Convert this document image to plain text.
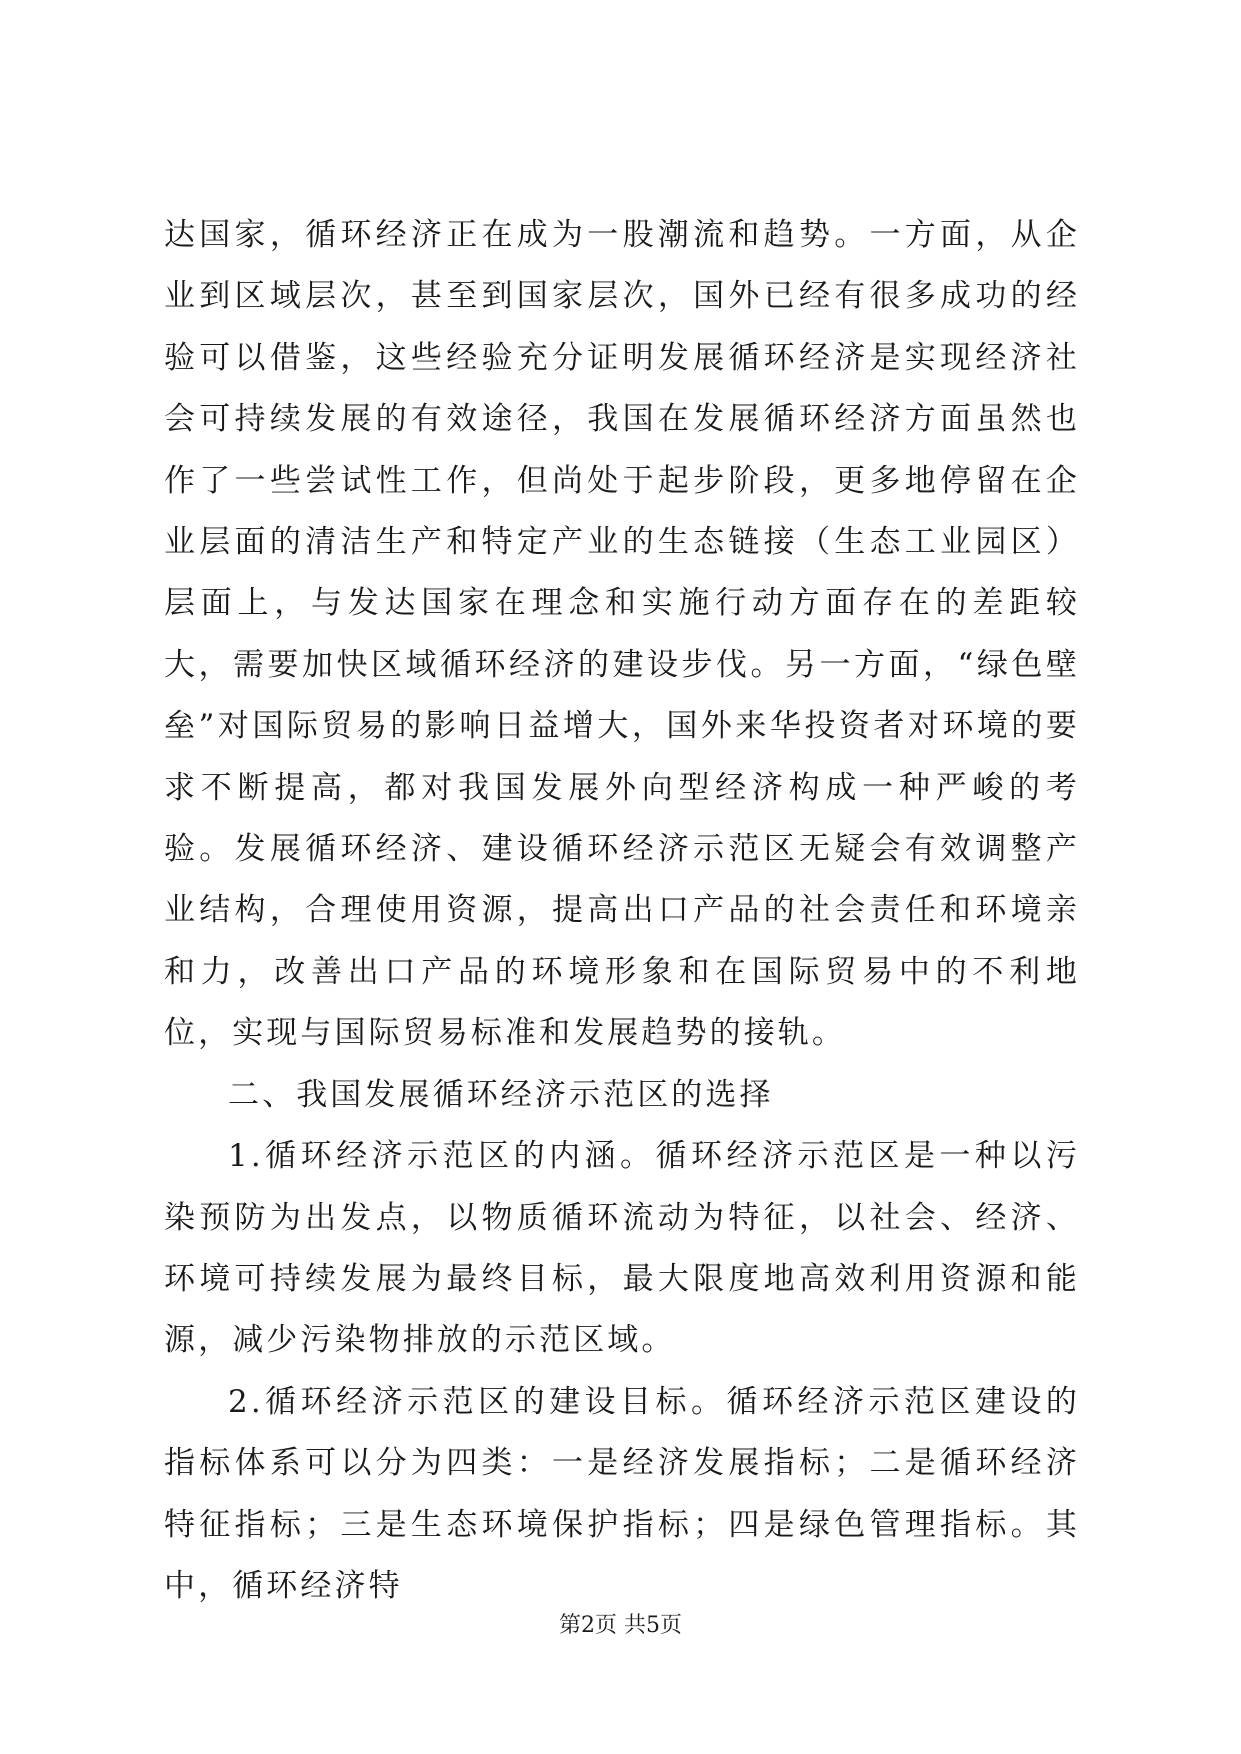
达国家，循环经济正在成为一股潮流和趋势。一方面，从企业到区域层次，甚至到国家层次，国外已经有很多成功的经验可以借鉴，这些经验充分证明发展循环经济是实现经济社会可持续发展的有效途径，我国在发展循环经济方面虽然也作了一些尝试性工作，但尚处于起步阶段，更多地停留在企业层面的清洁生产和特定产业的生态链接（生态工业园区）层面上，与发达国家在理念和实施行动方面存在的差距较大，需要加快区域循环经济的建设步伐。另一方面，“绿色壁垒”对国际贸易的影响日益增大，国外来华投资者对环境的要求不断提高，都对我国发展外向型经济构成一种严峻的考验。发展循环经济、建设循环经济示范区无疑会有效调整产业结构，合理使用资源，提高出口产品的社会责任和环境亲和力，改善出口产品的环境形象和在国际贸易中的不利地位，实现与国际贸易标准和发展趋势的接轨。

二、我国发展循环经济示范区的选择

1.循环经济示范区的内涵。循环经济示范区是一种以污染预防为出发点，以物质循环流动为特征，以社会、经济、环境可持续发展为最终目标，最大限度地高效利用资源和能源，减少污染物排放的示范区域。

2.循环经济示范区的建设目标。循环经济示范区建设的指标体系可以分为四类：一是经济发展指标；二是循环经济特征指标；三是生态环境保护指标；四是绿色管理指标。其中，循环经济特

第2页 共5页
